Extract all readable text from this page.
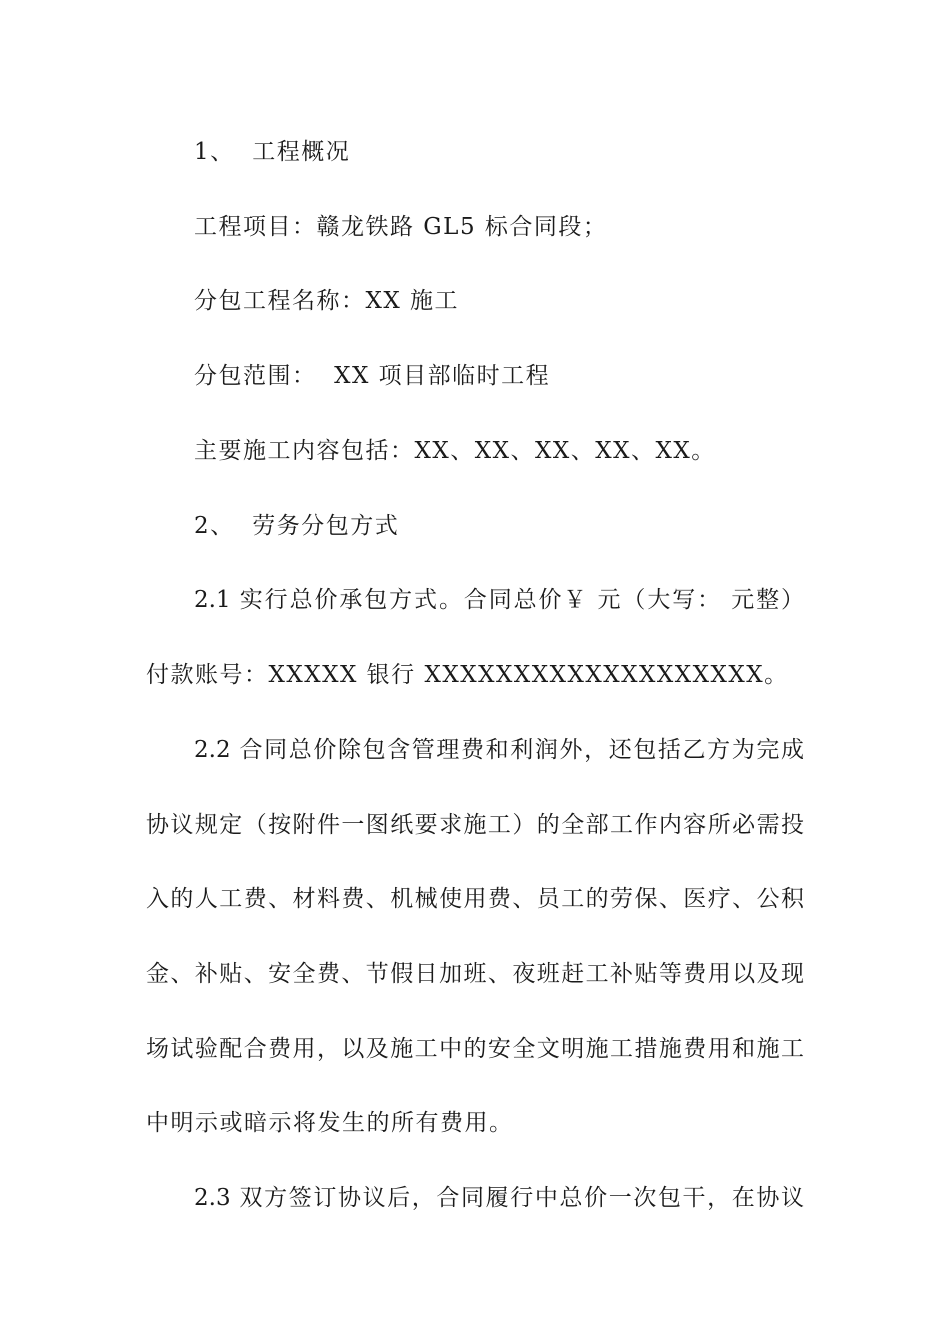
1、  工程概况
工程项目：赣龙铁路 GL5 标合同段；
分包工程名称：XX 施工
分包范围：  XX 项目部临时工程
主要施工内容包括：XX、XX、XX、XX、XX。
2、  劳务分包方式
2.1 实行总价承包方式。合同总价￥ 元（大写： 元整）
付款账号：XXXXX 银行 XXXXXXXXXXXXXXXXXXX。
2.2 合同总价除包含管理费和利润外，还包括乙方为完成
协议规定（按附件一图纸要求施工）的全部工作内容所必需投
入的人工费、材料费、机械使用费、员工的劳保、医疗、公积
金、补贴、安全费、节假日加班、夜班赶工补贴等费用以及现
场试验配合费用，以及施工中的安全文明施工措施费用和施工
中明示或暗示将发生的所有费用。
2.3 双方签订协议后，合同履行中总价一次包干，在协议
